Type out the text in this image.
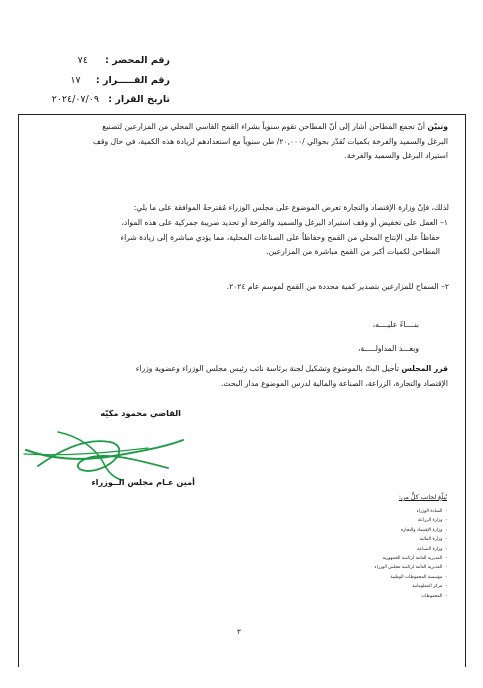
رقم المحضر : ٧٤
رقم القـــــرار : ١٧
تاريخ القرار : ٢٠٢٤/٠٧/٠٩
وتبيّن أنّ تجمع المطاحن أشار إلى أنّ المطاحن تقوم سنوياً بشراء القمح القاسي المحلي من المزارعين لتصنيع
البرغل والسميد والفرخة بكميات تُقدّر بحوالي /٢٠,٠٠٠/ طن سنوياً مع استعدادهم لزيادة هذه الكمية، في حال وقف
استيراد البرغل والسميد والفرخة.
لذلك، فإنّ وزارة الإقتصاد والتجارة تعرض الموضوع على مجلس الوزراء مُقترحةً الموافقة على ما يلي:
١– العمل على تخفيض أو وقف استيراد البرغل والسميد والفرخة أو تحديد ضريبة جمركية على هذه المواد،
حفاظاً على الإنتاج المحلي من القمح وحفاظاً على الصناعات المحلية، مما يؤدي مباشرة إلى زيادة شراء
المطاحن لكميات أكبر من القمح مباشرة من المزارعين.
٢– السماح للمزارعين بتصدير كمية محددة من القمح لموسم عام ٢٠٢٤.
بنــــاءً عليــــه،
وبعـــد المداولـــــة،
قرر المجلس تأجيل البتّ بالموضوع وتشكيل لجنة برئاسة نائب رئيس مجلس الوزراء وعضوية وزراء
الإقتصاد والتجارة، الزراعة، الصناعة والمالية لدرس الموضوع مدار البحث.
القاضي محمود مكيّه
أمين عـام مجلس الــوزراء
يُبلّغ لجانب كلٍّ من:
-السادة الوزراء
-وزارة الزراعة
-وزارة الإقتصاد والتجارة
-وزارة المالية
-وزارة الصناعة
-المديرية العامة لرئاسة الجمهورية
-المديرية العامة لرئاسة مجلس الوزراء
-مؤسسة المحفوظات الوطنية
-مركز المعلوماتية
-المحفوظات
٣
